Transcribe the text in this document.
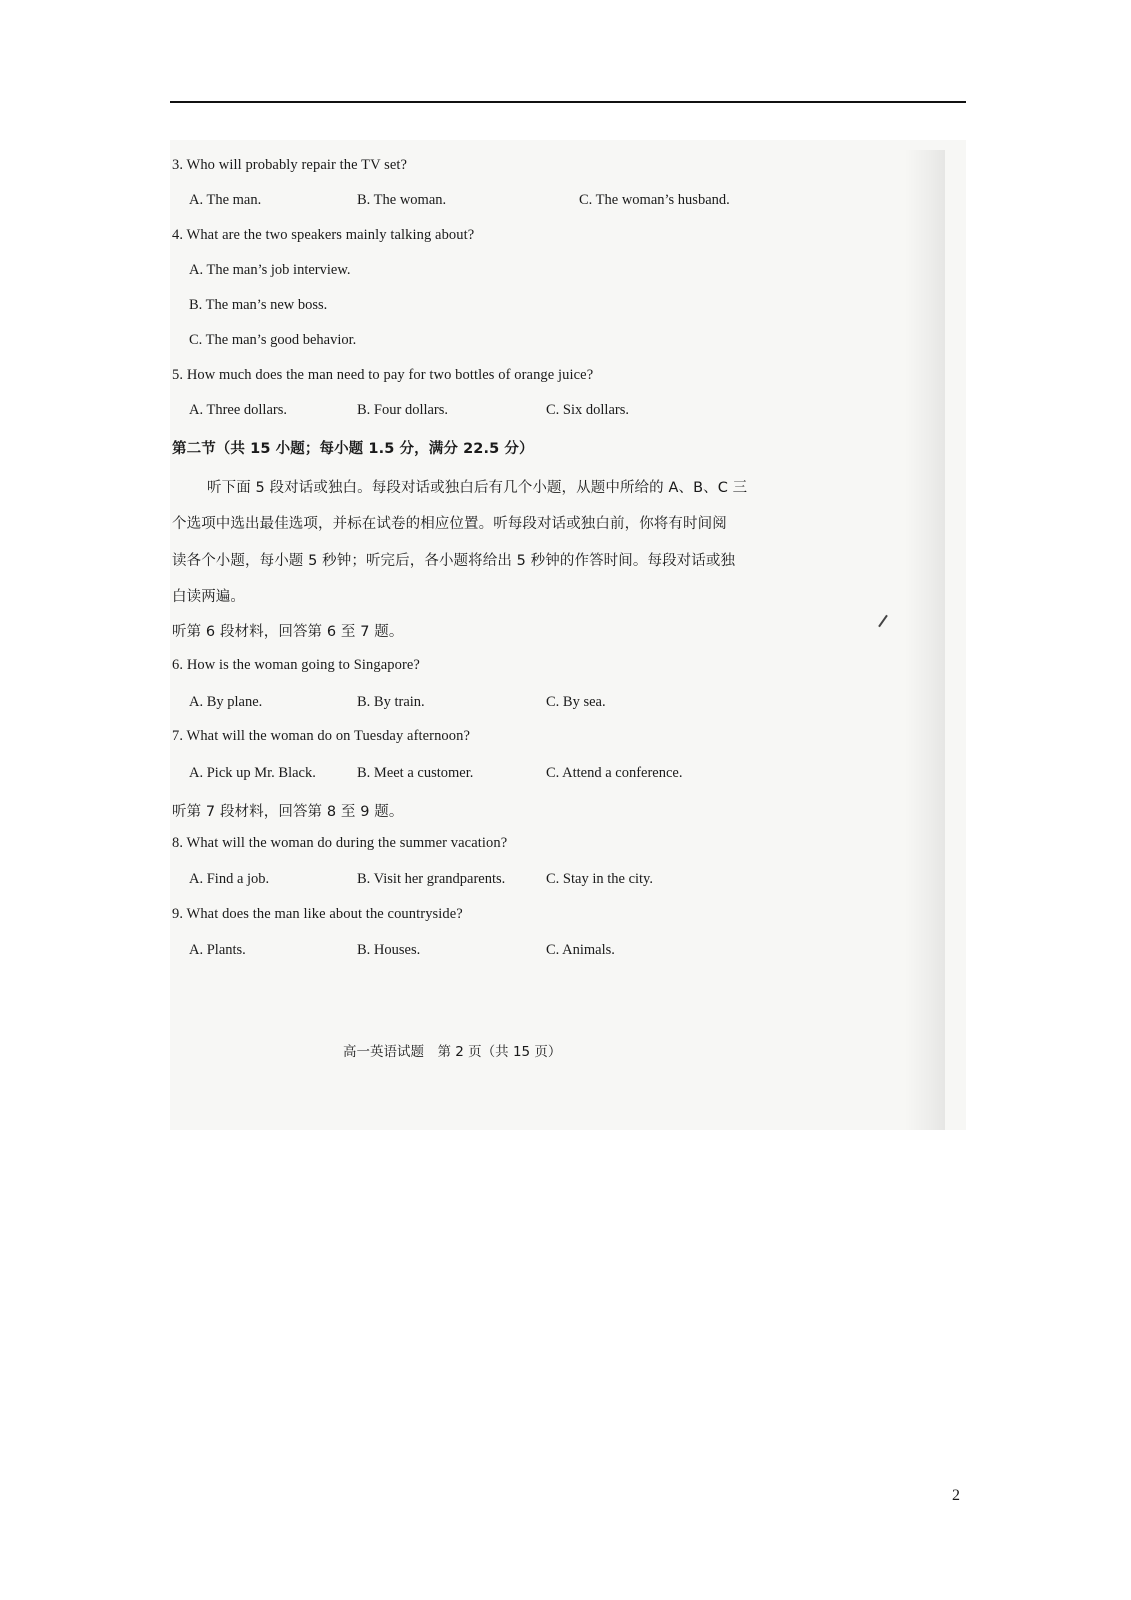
3. Who will probably repair the TV set?
A. The man.	B. The woman.	C. The woman’s husband.
4. What are the two speakers mainly talking about?
A. The man’s job interview.
B. The man’s new boss.
C. The man’s good behavior.
5. How much does the man need to pay for two bottles of orange juice?
A. Three dollars.	B. Four dollars.	C. Six dollars.
第二节（共 15 小题；每小题 1.5 分，满分 22.5 分）
听下面 5 段对话或独白。每段对话或独白后有几个小题，从题中所给的 A、B、C 三
个选项中选出最佳选项，并标在试卷的相应位置。听每段对话或独白前，你将有时间阅
读各个小题，每小题 5 秒钟；听完后，各小题将给出 5 秒钟的作答时间。每段对话或独
白读两遍。
听第 6 段材料，回答第 6 至 7 题。
6. How is the woman going to Singapore?
A. By plane.	B. By train.	C. By sea.
7. What will the woman do on Tuesday afternoon?
A. Pick up Mr. Black.	B. Meet a customer.	C. Attend a conference.
听第 7 段材料，回答第 8 至 9 题。
8. What will the woman do during the summer vacation?
A. Find a job.	B. Visit her grandparents.	C. Stay in the city.
9. What does the man like about the countryside?
A. Plants.	B. Houses.	C. Animals.
高一英语试题　第 2 页（共 15 页）
2
